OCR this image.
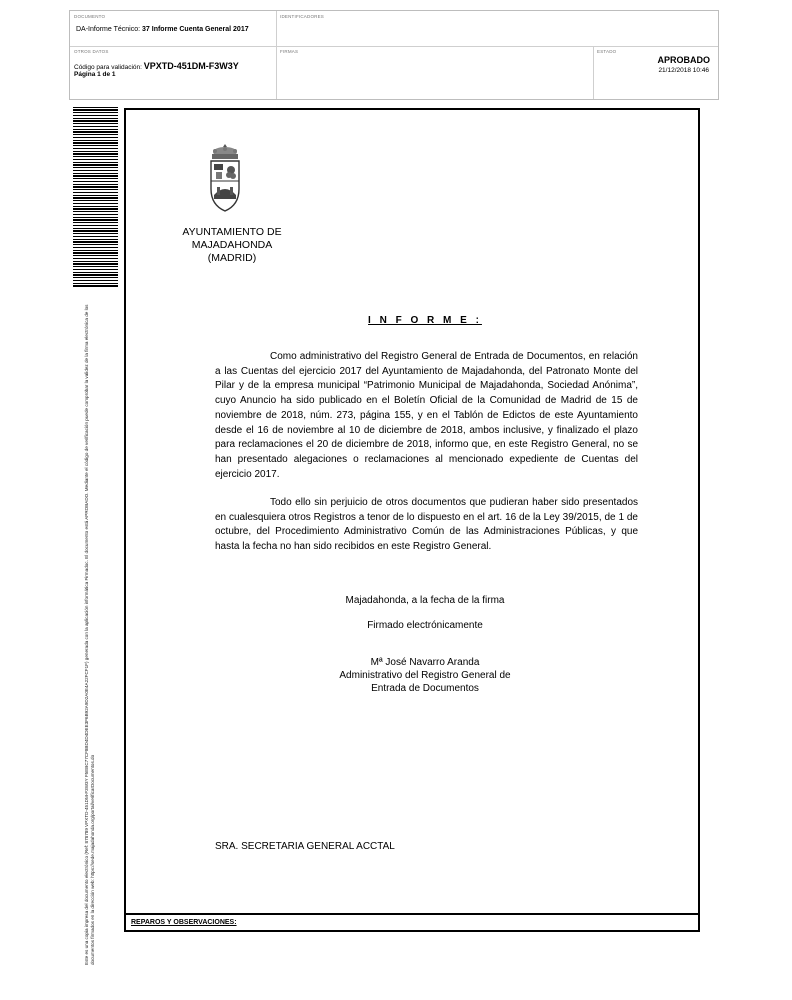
DOCUMENTO
DA-Informe Técnico: 37 Informe Cuenta General 2017
IDENTIFICADORES
OTROS DATOS
Código para validación: VPXTD-451DM-F3W3Y
Página 1 de 1
FIRMAS	ESTADO
APROBADO
21/12/2018 10:46
Este es una copia impresa del documento electrónico (Ref: 878789 VPXTD-451DM-F3W3Y F5EBC77CF8BD4D4DEE3F6B92A9D2A0E4A22FCF1F) generada con la aplicación informática Firmadoc. El documento está APROBADO. Mediante el código de verificación puede comprobar la validez de la firma electrónica de los documentos firmados en la dirección web: https://sede.majadahonda.org/portal/verificarDocumentos.do
AYUNTAMIENTO DE
MAJADAHONDA
(MADRID)
I N F O R M E :
Como administrativo del Registro General de Entrada de Documentos, en relación a las Cuentas del ejercicio 2017 del Ayuntamiento de Majadahonda, del Patronato Monte del Pilar y de la empresa municipal “Patrimonio Municipal de Majadahonda, Sociedad Anónima”, cuyo Anuncio ha sido publicado en el Boletín Oficial de la Comunidad de Madrid de 15 de noviembre de 2018, núm. 273, página 155, y en el Tablón de Edictos de este Ayuntamiento desde el 16 de noviembre al 10 de diciembre de 2018, ambos inclusive, y finalizado el plazo para reclamaciones el 20 de diciembre de 2018, informo que, en este Registro General, no se han presentado alegaciones o reclamaciones al mencionado expediente de Cuentas del ejercicio 2017.
Todo ello sin perjuicio de otros documentos que pudieran haber sido presentados en cualesquiera otros Registros a tenor de lo dispuesto en el art. 16 de la Ley 39/2015, de 1 de octubre, del Procedimiento Administrativo Común de las Administraciones Públicas, y que hasta la fecha no han sido recibidos en este Registro General.
Majadahonda, a la fecha de la firma
Firmado electrónicamente
Mª José Navarro Aranda
Administrativo del Registro General de
Entrada de Documentos
SRA. SECRETARIA GENERAL ACCTAL
REPAROS Y OBSERVACIONES:
